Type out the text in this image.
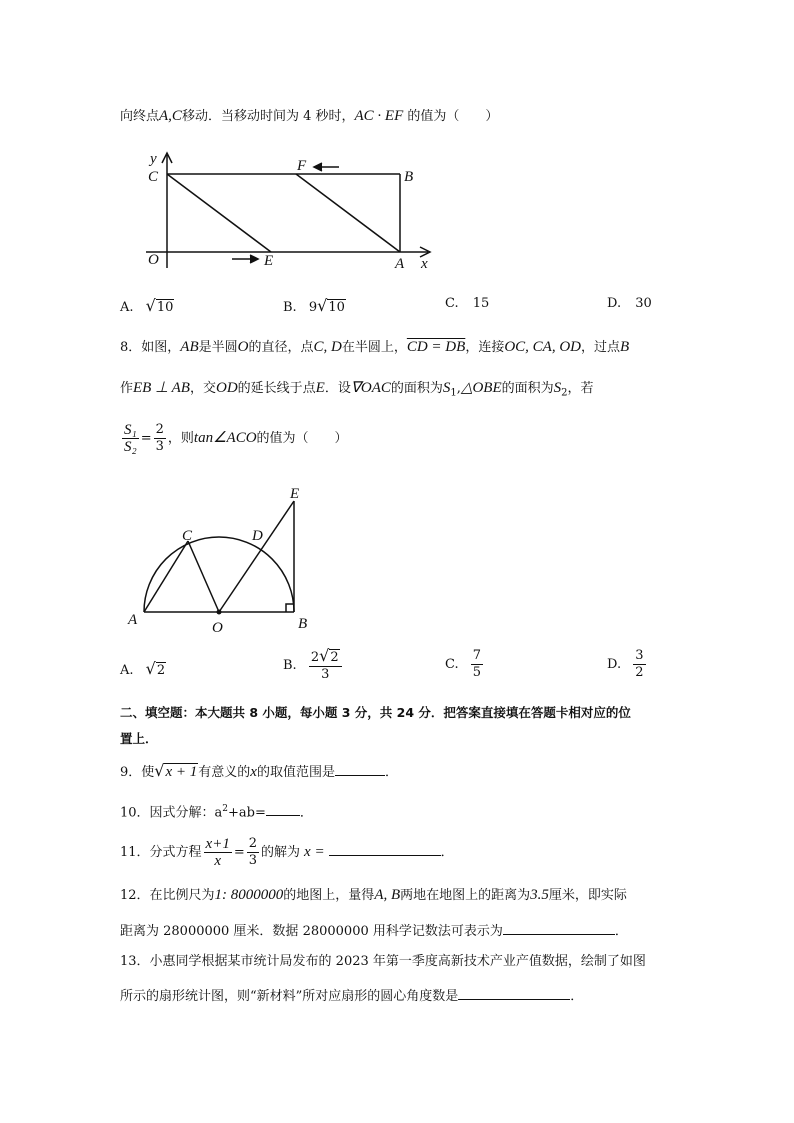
向终点A,C移动．当移动时间为 4 秒时，AC · EF 的值为（　　）
y
C
F
B
O	E	A x
A	O	B
C	D
E
A. √10	B. 9√10	C. 15	D. 30
8．如图，AB是半圆O的直径，点C, D在半圆上，CD = DB，连接OC, CA, OD，过点B
作EB ⊥ AB，交OD的延长线于点E．设∇OAC的面积为$S_1,\triangle OBE$的面积为$S_2$，若
$\frac{\text{S₁}}{\text{S₂}} = \frac{2}{3}$ ，则tan∠ACO的值为（　　）
A. √2	B. $\frac{2√2}{3}$	C. $\frac{7}{5}$	D. $\frac{3}{2}$
二、填空题：本大题共 8 小题，每小题 3 分，共 24 分．把答案直接填在答题卡相对应的位
置上．
9．使√x + 1有意义的x的取值范围是	．
10．因式分解：$a^2+ab=$	．
11．分式方程 $\frac{x+1}{x} = \frac{2}{3}$ 的解为 x =	．
12．在比例尺为1: 8000000的地图上，量得A, B两地在地图上的距离为3.5厘米，即实际
距离为 28000000 厘米．数据 28000000 用科学记数法可表示为	．
13．小惠同学根据某市统计局发布的 2023 年第一季度高新技术产业产值数据，绘制了如图
所示的扇形统计图，则“新材料”所对应扇形的圆心角度数是	．
